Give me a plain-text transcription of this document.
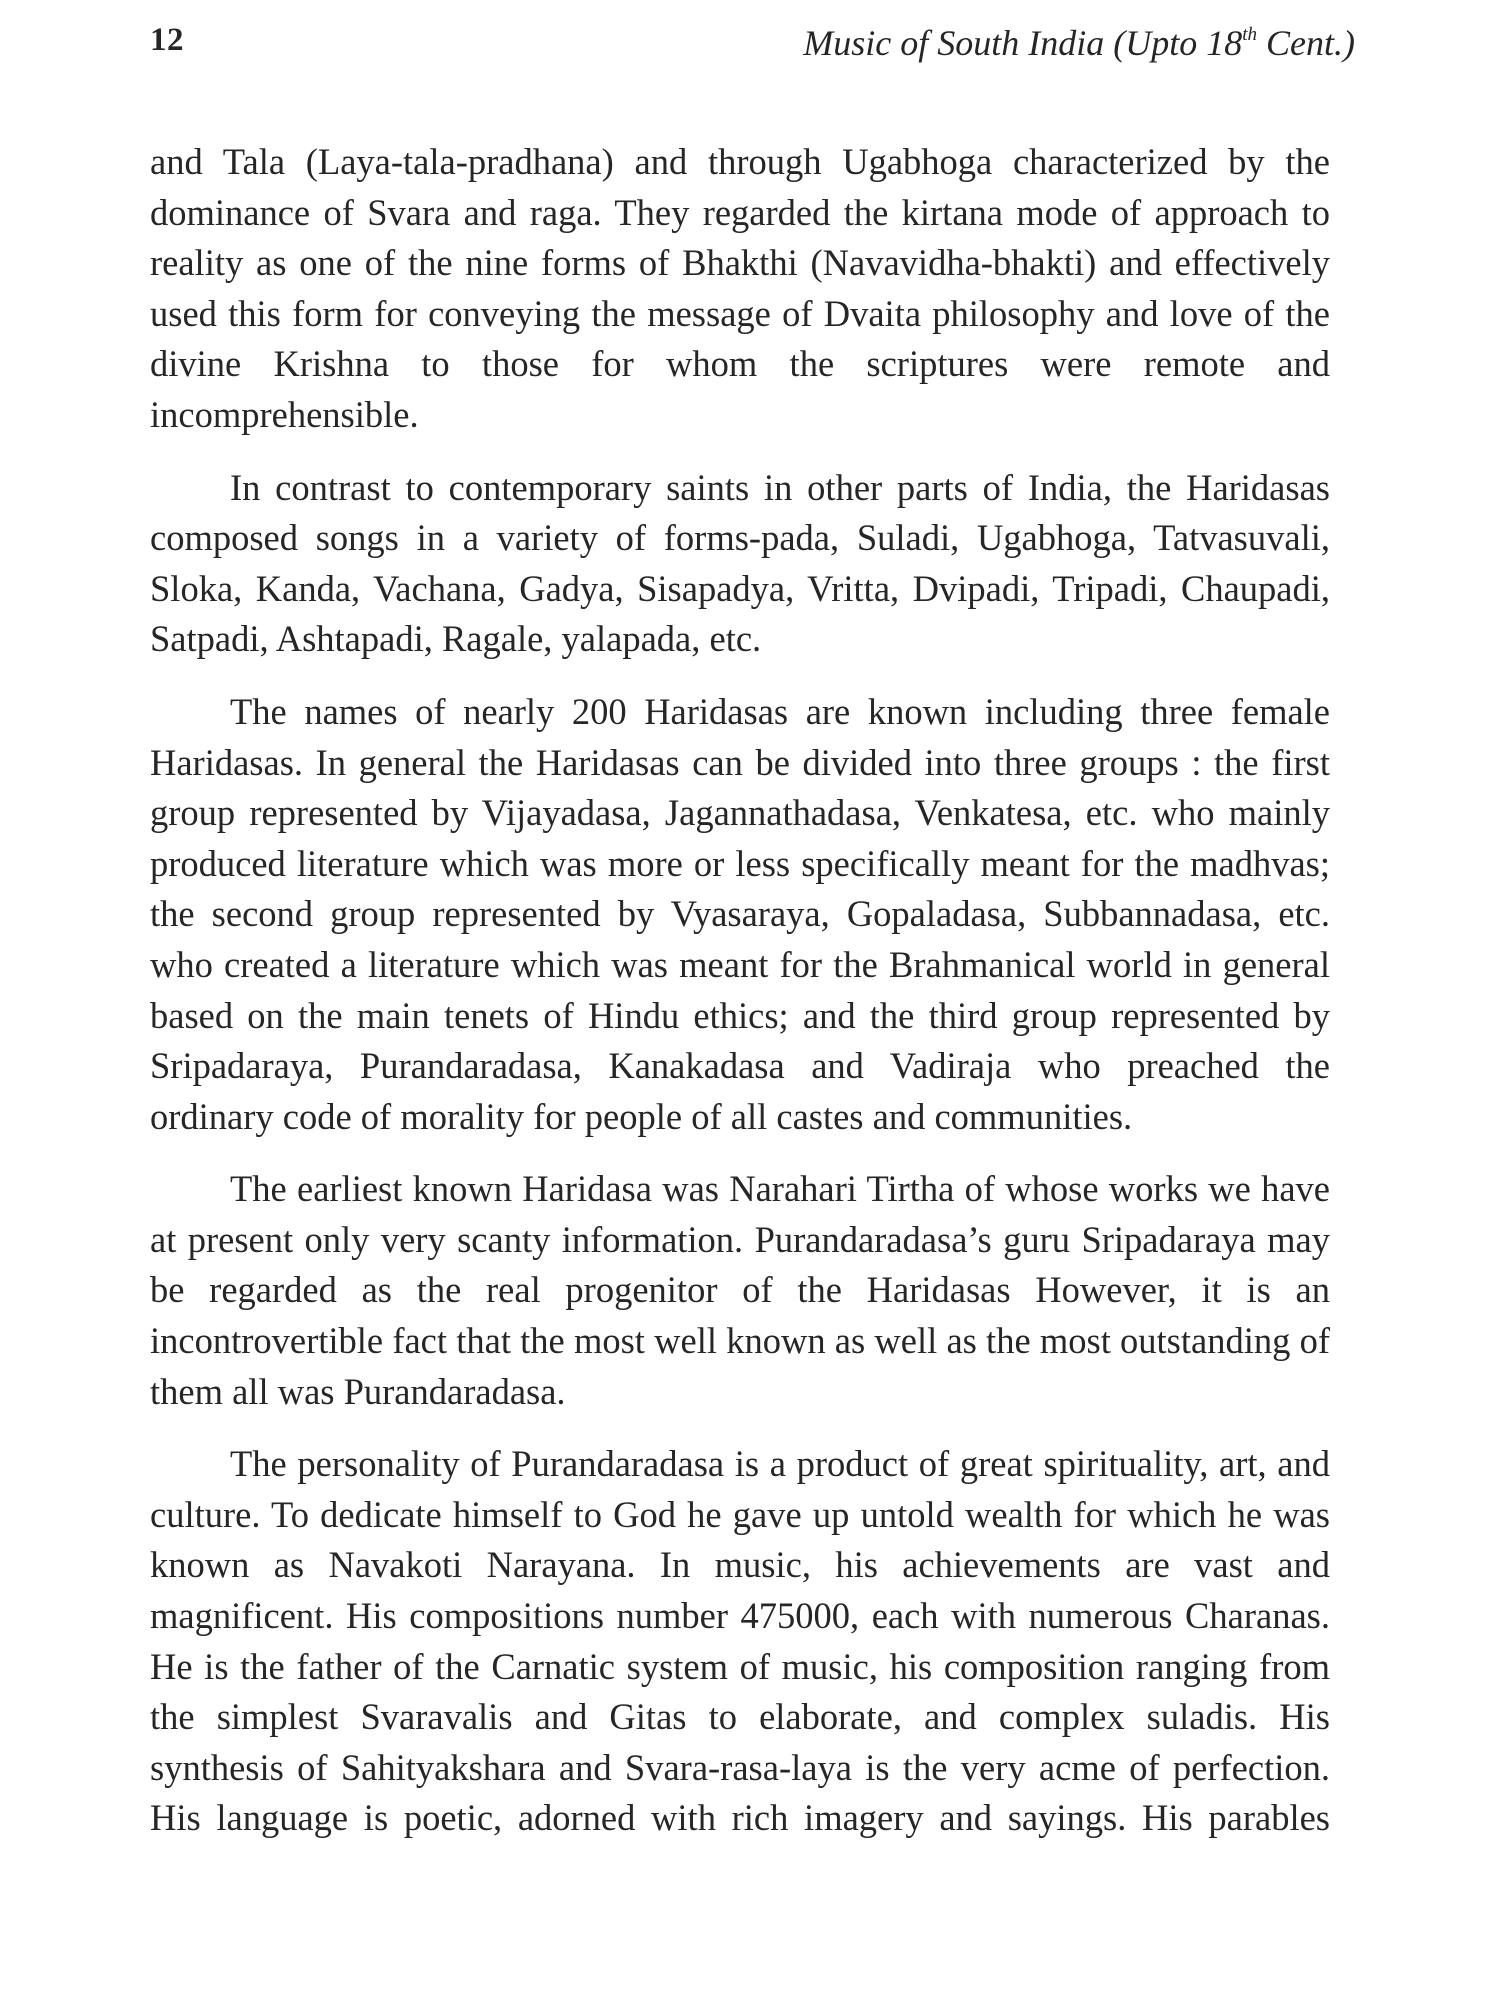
12	Music of South India (Upto 18th Cent.)

and Tala (Laya-tala-pradhana) and through Ugabhoga characterized by the dominance of Svara and raga. They regarded the kirtana mode of approach to reality as one of the nine forms of Bhakthi (Navavidha-bhakti) and effectively used this form for conveying the message of Dvaita philosophy and love of the divine Krishna to those for whom the scriptures were remote and incomprehensible.

In contrast to contemporary saints in other parts of India, the Haridasas composed songs in a variety of forms-pada, Suladi, Ugabhoga, Tatvasuvali, Sloka, Kanda, Vachana, Gadya, Sisapadya, Vritta, Dvipadi, Tripadi, Chaupadi, Satpadi, Ashtapadi, Ragale, yalapada, etc.

The names of nearly 200 Haridasas are known including three female Haridasas. In general the Haridasas can be divided into three groups : the first group represented by Vijayadasa, Jagannathadasa, Venkatesa, etc. who mainly produced literature which was more or less specifically meant for the madhvas; the second group represented by Vyasaraya, Gopaladasa, Subbannadasa, etc. who created a literature which was meant for the Brahmanical world in general based on the main tenets of Hindu ethics; and the third group represented by Sripadaraya, Purandaradasa, Kanakadasa and Vadiraja who preached the ordinary code of morality for people of all castes and communities.

The earliest known Haridasa was Narahari Tirtha of whose works we have at present only very scanty information. Purandaradasa’s guru Sripadaraya may be regarded as the real progenitor of the Haridasas However, it is an incontrovertible fact that the most well known as well as the most outstanding of them all was Purandaradasa.

The personality of Purandaradasa is a product of great spirituality, art, and culture. To dedicate himself to God he gave up untold wealth for which he was known as Navakoti Narayana. In music, his achievements are vast and magnificent. His compositions number 475000, each with numerous Charanas. He is the father of the Carnatic system of music, his composition ranging from the simplest Svaravalis and Gitas to elaborate, and complex suladis. His synthesis of Sahityakshara and Svara-rasa-laya is the very acme of perfection. His language is poetic, adorned with rich imagery and sayings. His parables
